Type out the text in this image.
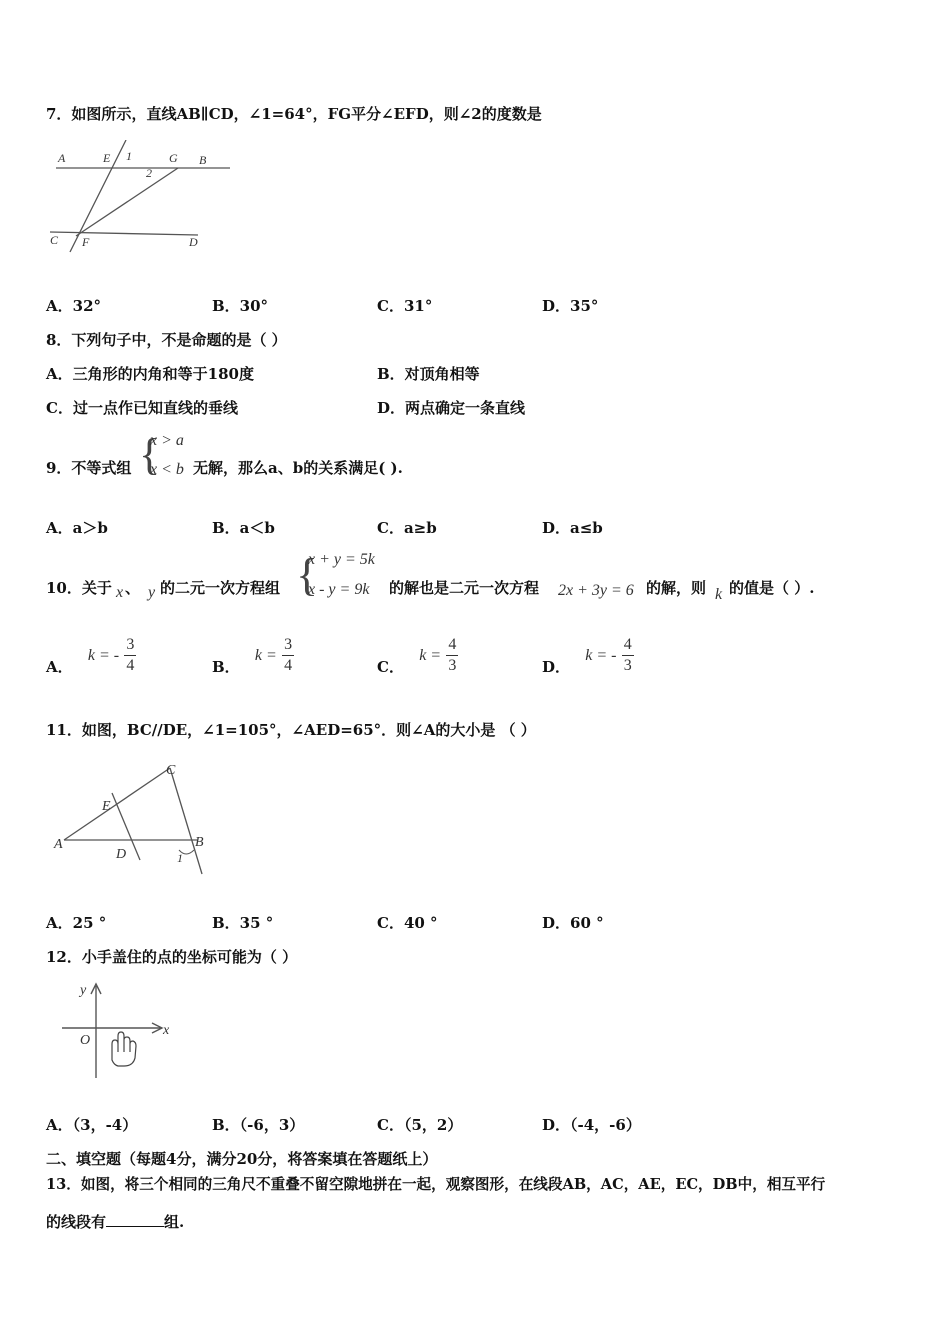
7．如图所示，直线AB∥CD，∠1=64°，FG平分∠EFD，则∠2的度数是
A	E 1	G B
2
C F	D
A．32°	B．30°	C．31°	D．35°
8．下列句子中，不是命题的是（ ）
A．三角形的内角和等于180度	B．对顶角相等
C．过一点作已知直线的垂线	D．两点确定一条直线
9．不等式组 {
x > a
x < b 无解，那么a、b的关系满足( ).
A．a＞b	B．a＜b	C．a≥b	D．a≤b
10．关于 x 、 y 的二元一次方程组 {
x + y = 5k
x - y = 9k 的解也是二元一次方程 2x + 3y = 6 的解，则 k 的值是（ ）.
A． k = - $\frac{3}{4}$	B． $k = \frac{3}{4}$	C． $k = \frac{4}{3}$	D． k = - $\frac{4}{3}$
11．如图，BC//DE，∠1=105°，∠AED=65°．则∠A的大小是 （ ）
C
E
A
D
B
1
A．25 °	B．35 °	C．40 °	D．60 °
12．小手盖住的点的坐标可能为（ ）
y
x
O
A．（3，-4）	B．（-6，3）	C．（5，2）	D．（-4，-6）
二、填空题（每题4分，满分20分，将答案填在答题纸上）
13．如图，将三个相同的三角尺不重叠不留空隙地拼在一起，观察图形，在线段AB，AC，AE，EC，DB中，相互平行
的线段有	组.
